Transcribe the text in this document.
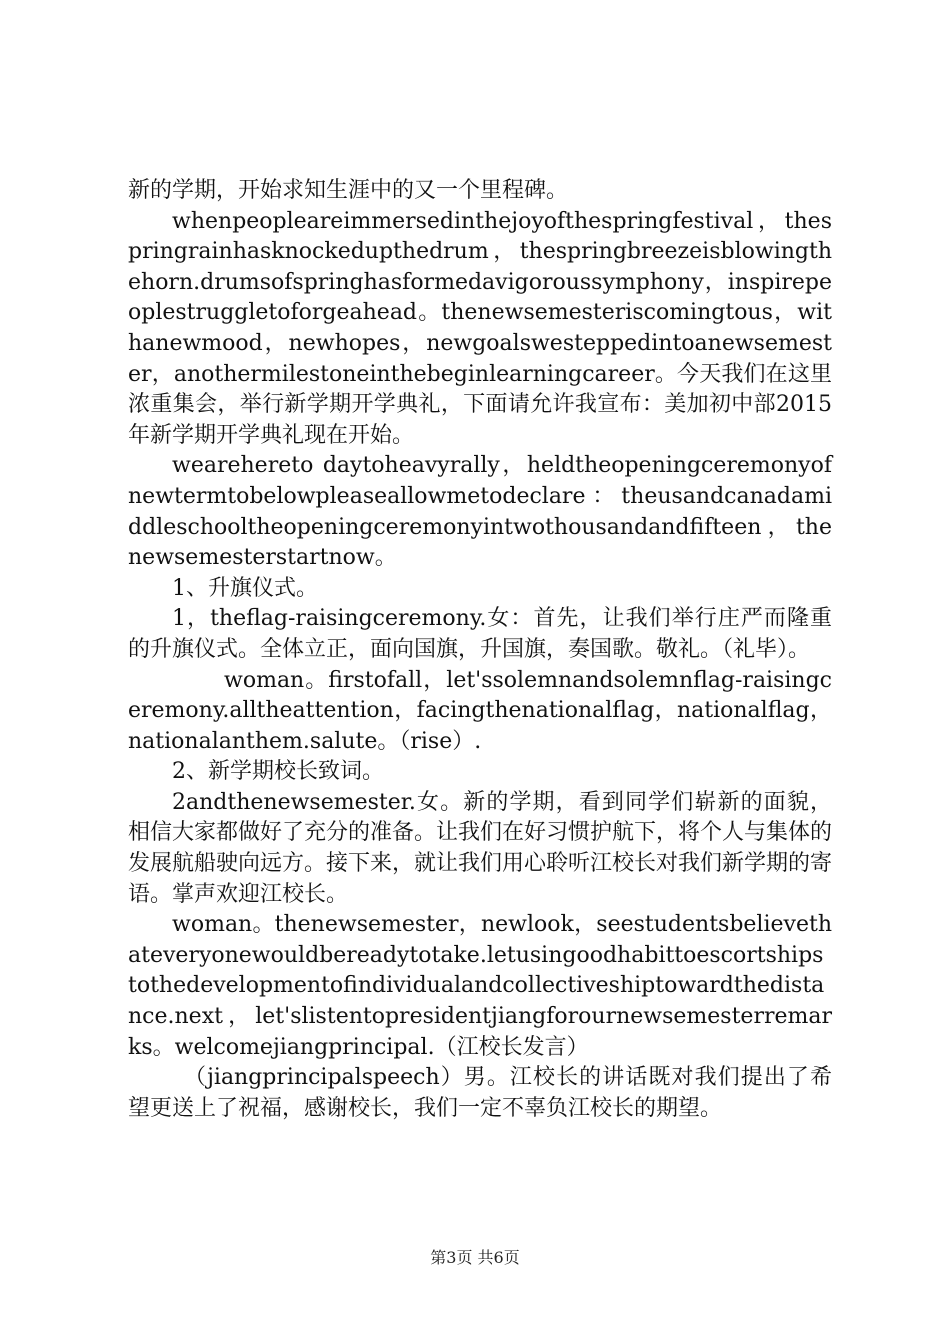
新的学期，开始求知生涯中的又一个里程碑。

whenpeopleareimmersedinthejoyofthespringfestival，thespringrainhasknockedupthedrum，thespringbreezeisblowingthehorn.drumsofspringhasformedavigoroussymphony，inspirepeoplestruggletoforgeahead。thenewsemesteriscomingtous，withanewmood，newhopes，newgoalswesteppedintoanewsemester，anothermilestoneinthebeginlearningcareer。今天我们在这里浓重集会，举行新学期开学典礼，下面请允许我宣布：美加初中部2015年新学期开学典礼现在开始。

wearehereto daytoheavyrally，heldtheopeningceremonyofnewtermtobelowpleaseallowmetodeclare：theusandcanadamiddleschooltheopeningceremonyintwothousandandfifteen，thenewsemesterstartnow。

1、升旗仪式。

1，theflag-raisingceremony.女：首先，让我们举行庄严而隆重的升旗仪式。全体立正，面向国旗，升国旗，奏国歌。敬礼。（礼毕）。

woman。firstofall，let'ssolemnandsolemnflag-raisingceremony.alltheattention，facingthenationalflag，nationalflag，nationalanthem.salute。（rise）.

2、新学期校长致词。

2andthenewsemester.女。新的学期，看到同学们崭新的面貌，相信大家都做好了充分的准备。让我们在好习惯护航下，将个人与集体的发展航船驶向远方。接下来，就让我们用心聆听江校长对我们新学期的寄语。掌声欢迎江校长。

woman。thenewsemester，newlook，seestudentsbelievethateveryonewouldbereadytotake.letusingoodhabittoescortshipstothedevelopmentofindividualandcollectiveshiptowardthedistance.next，let'slistentopresidentjiangforournewsemesterremarks。welcomejiangprincipal.（江校长发言）

（jiangprincipalspeech）男。江校长的讲话既对我们提出了希望更送上了祝福，感谢校长，我们一定不辜负江校长的期望。

第3页 共6页
